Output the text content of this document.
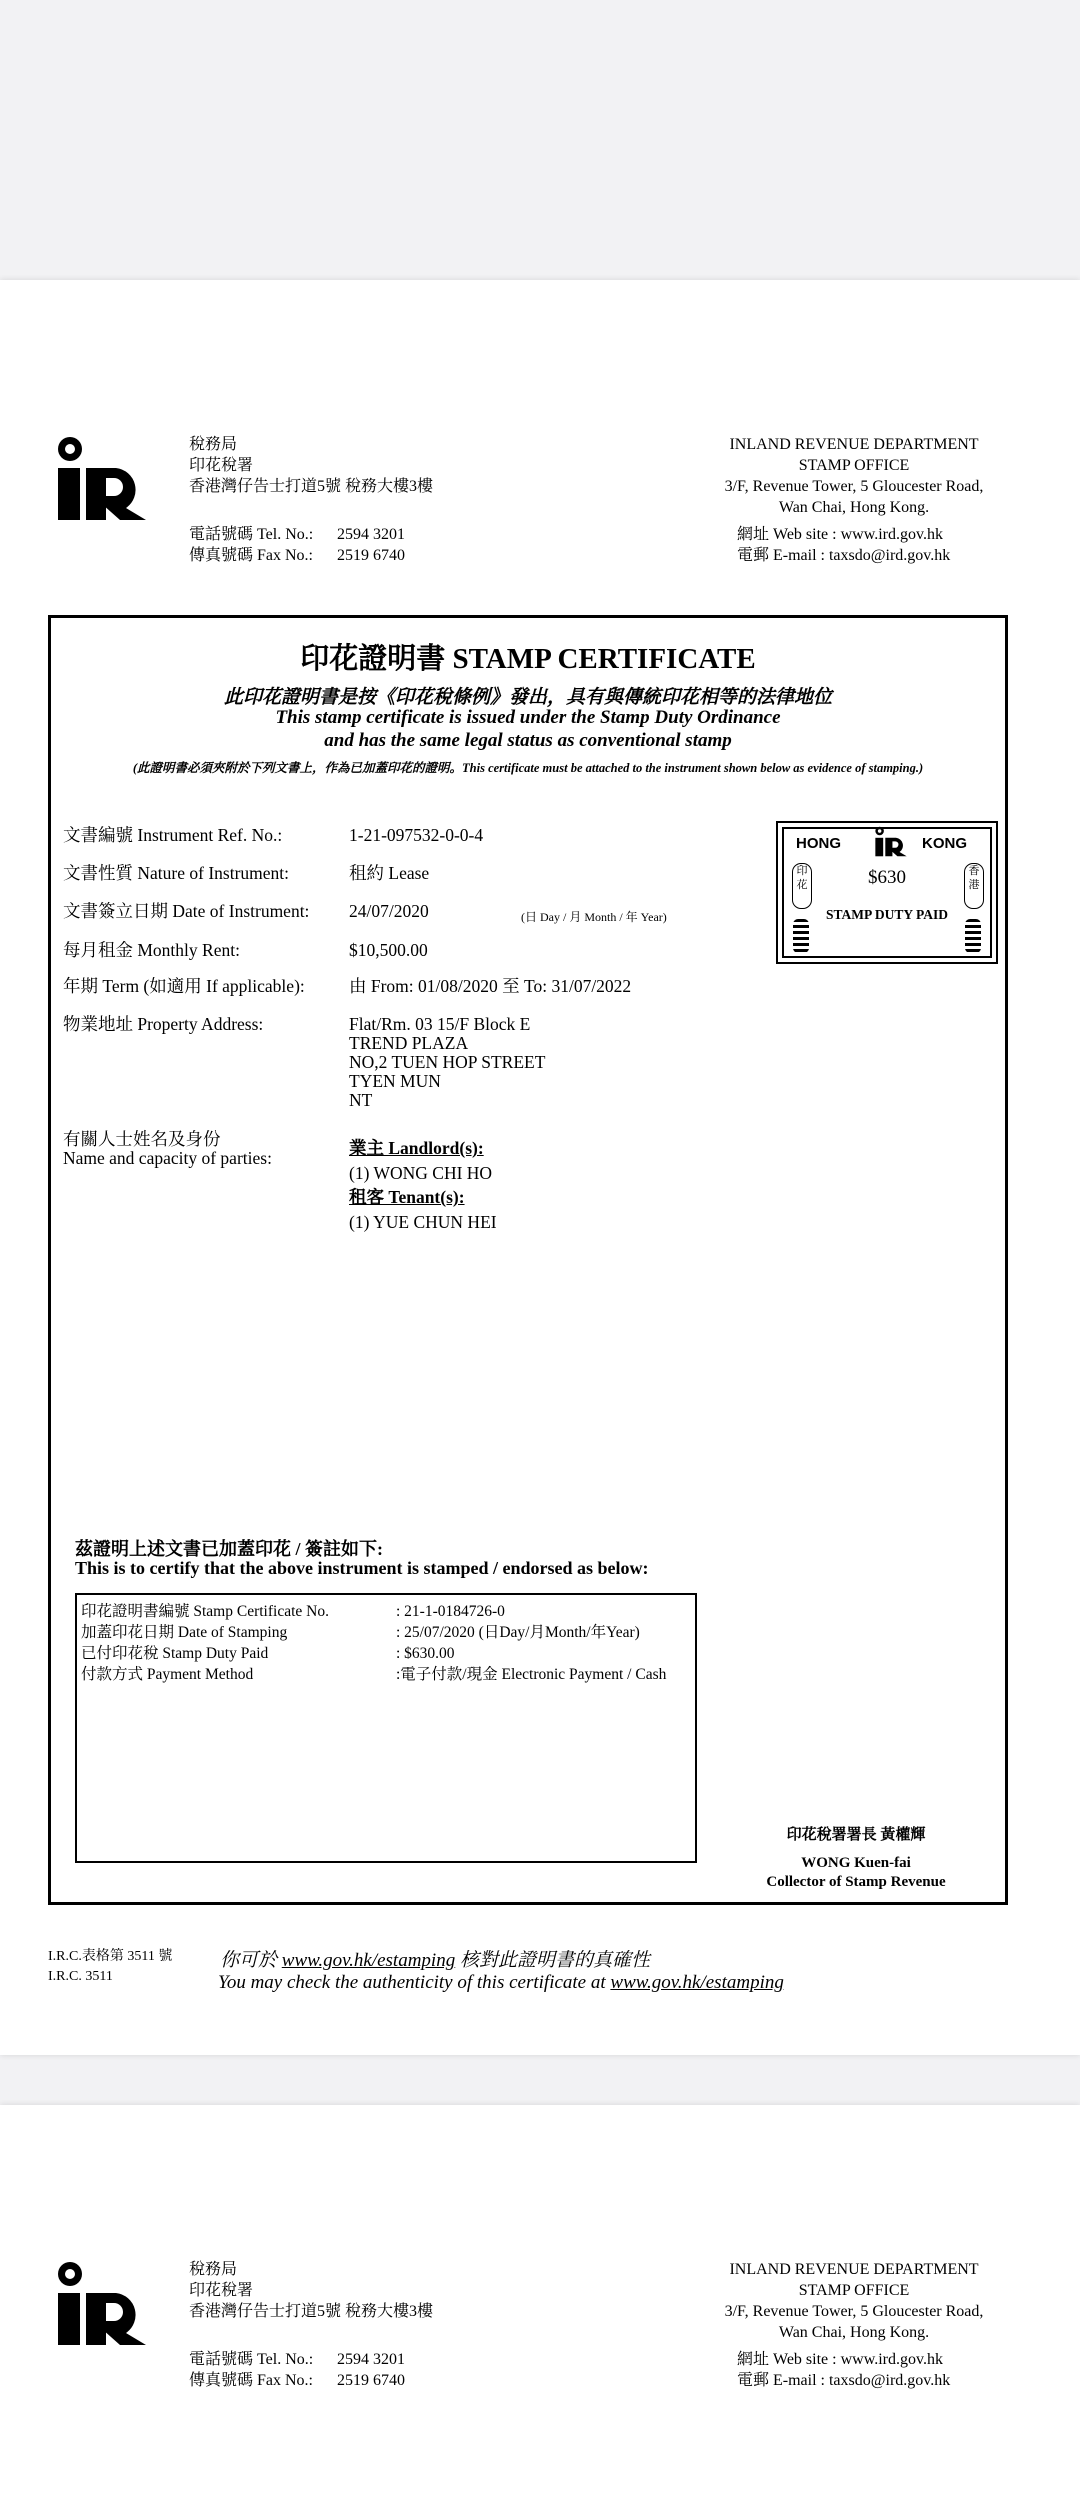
稅務局
印花稅署
香港灣仔告士打道5號 稅務大樓3樓
電話號碼 Tel. No.: 2594 3201
傳真號碼 Fax No.: 2519 6740
INLAND REVENUE DEPARTMENT
STAMP OFFICE
3/F, Revenue Tower, 5 Gloucester Road,
Wan Chai, Hong Kong.
網址 Web site : www.ird.gov.hk
電郵 E-mail : taxsdo@ird.gov.hk
印花證明書 STAMP CERTIFICATE
此印花證明書是按《印花稅條例》發出，具有與傳統印花相等的法律地位
This stamp certificate is issued under the Stamp Duty Ordinance
and has the same legal status as conventional stamp
(此證明書必須夾附於下列文書上，作為已加蓋印花的證明。This certificate must be attached to the instrument shown below as evidence of stamping.)
文書編號 Instrument Ref. No.:	1-21-097532-0-0-4
文書性質 Nature of Instrument:	租約 Lease
文書簽立日期 Date of Instrument: 24/07/2020	(日 Day / 月 Month / 年 Year)
每月租金 Monthly Rent:	$10,500.00
年期 Term (如適用 If applicable):	由 From: 01/08/2020 至 To: 31/07/2022
物業地址 Property Address:	Flat/Rm. 03 15/F Block E
TREND PLAZA
NO,2 TUEN HOP STREET
TYEN MUN
NT
有關人士姓名及身份
Name and capacity of parties:	業主 Landlord(s):
(1) WONG CHI HO
租客 Tenant(s):
(1) YUE CHUN HEI
HONG	KONG
印花
香港
$630
STAMP DUTY PAID
茲證明上述文書已加蓋印花 / 簽註如下:
This is to certify that the above instrument is stamped / endorsed as below:
印花證明書編號 Stamp Certificate No.	: 21-1-0184726-0
加蓋印花日期 Date of Stamping	: 25/07/2020 (日Day/月Month/年Year)
已付印花稅 Stamp Duty Paid	: $630.00
付款方式 Payment Method	:電子付款/現金 Electronic Payment / Cash
印花稅署署長 黃權輝
WONG Kuen-fai
Collector of Stamp Revenue
I.R.C.表格第 3511 號
I.R.C. 3511
你可於 www.gov.hk/estamping 核對此證明書的真確性
You may check the authenticity of this certificate at www.gov.hk/estamping
稅務局
印花稅署
香港灣仔告士打道5號 稅務大樓3樓
電話號碼 Tel. No.: 2594 3201
傳真號碼 Fax No.: 2519 6740
INLAND REVENUE DEPARTMENT
STAMP OFFICE
3/F, Revenue Tower, 5 Gloucester Road,
Wan Chai, Hong Kong.
網址 Web site : www.ird.gov.hk
電郵 E-mail : taxsdo@ird.gov.hk
